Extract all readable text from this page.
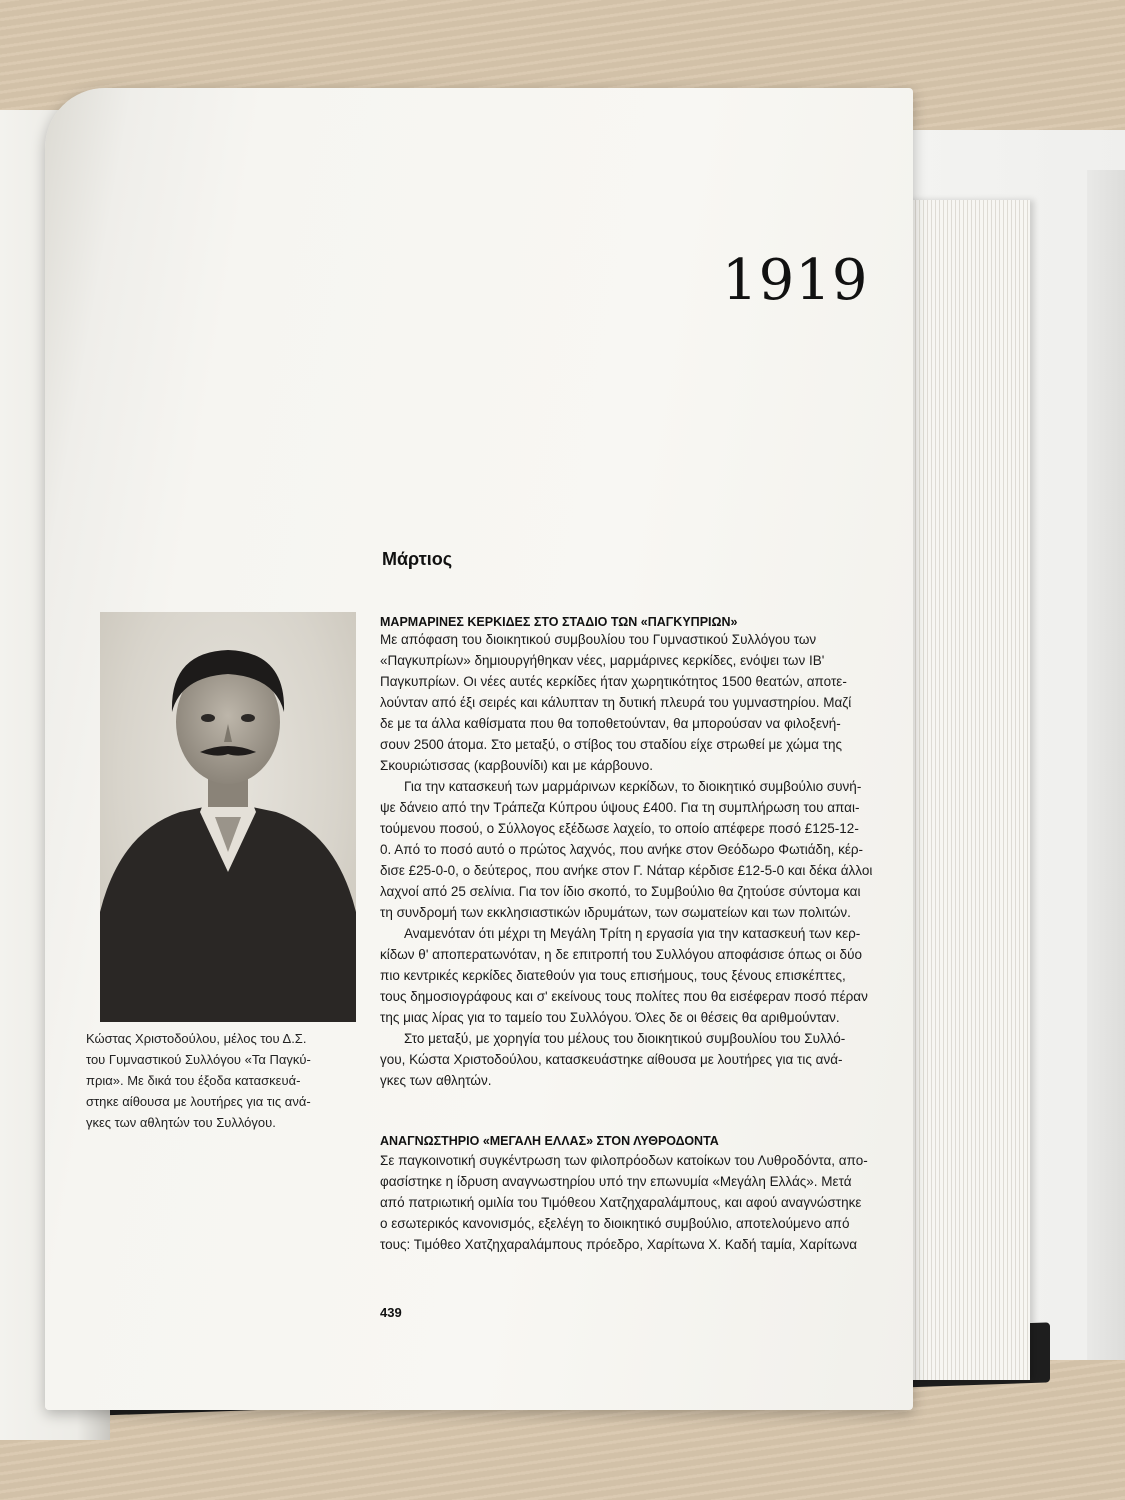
1919
Μάρτιος
Κώστας Χριστοδούλου, μέλος του Δ.Σ.
του Γυμναστικού Συλλόγου «Τα Παγκύ-
πρια». Με δικά του έξοδα κατασκευά-
στηκε αίθουσα με λουτήρες για τις ανά-
γκες των αθλητών του Συλλόγου.
ΜΑΡΜΑΡΙΝΕΣ ΚΕΡΚΙΔΕΣ ΣΤΟ ΣΤΑΔΙΟ ΤΩΝ «ΠΑΓΚΥΠΡΙΩΝ»
Με απόφαση του διοικητικού συμβουλίου του Γυμναστικού Συλλόγου των
«Παγκυπρίων» δημιουργήθηκαν νέες, μαρμάρινες κερκίδες, ενόψει των ΙΒ'
Παγκυπρίων. Οι νέες αυτές κερκίδες ήταν χωρητικότητος 1500 θεατών, αποτε-
λούνταν από έξι σειρές και κάλυπταν τη δυτική πλευρά του γυμναστηρίου. Μαζί
δε με τα άλλα καθίσματα που θα τοποθετούνταν, θα μπορούσαν να φιλοξενή-
σουν 2500 άτομα. Στο μεταξύ, ο στίβος του σταδίου είχε στρωθεί με χώμα της
Σκουριώτισσας (καρβουνίδι) και με κάρβουνο.
Για την κατασκευή των μαρμάρινων κερκίδων, το διοικητικό συμβούλιο συνή-
ψε δάνειο από την Τράπεζα Κύπρου ύψους £400. Για τη συμπλήρωση του απαι-
τούμενου ποσού, ο Σύλλογος εξέδωσε λαχείο, το οποίο απέφερε ποσό £125-12-
0. Από το ποσό αυτό ο πρώτος λαχνός, που ανήκε στον Θεόδωρο Φωτιάδη, κέρ-
δισε £25-0-0, ο δεύτερος, που ανήκε στον Γ. Νάταρ κέρδισε £12-5-0 και δέκα άλλοι
λαχνοί από 25 σελίνια. Για τον ίδιο σκοπό, το Συμβούλιο θα ζητούσε σύντομα και
τη συνδρομή των εκκλησιαστικών ιδρυμάτων, των σωματείων και των πολιτών.
Αναμενόταν ότι μέχρι τη Μεγάλη Τρίτη η εργασία για την κατασκευή των κερ-
κίδων θ' αποπερατωνόταν, η δε επιτροπή του Συλλόγου αποφάσισε όπως οι δύο
πιο κεντρικές κερκίδες διατεθούν για τους επισήμους, τους ξένους επισκέπτες,
τους δημοσιογράφους και σ' εκείνους τους πολίτες που θα εισέφεραν ποσό πέραν
της μιας λίρας για το ταμείο του Συλλόγου. Όλες δε οι θέσεις θα αριθμούνταν.
Στο μεταξύ, με χορηγία του μέλους του διοικητικού συμβουλίου του Συλλό-
γου, Κώστα Χριστοδούλου, κατασκευάστηκε αίθουσα με λουτήρες για τις ανά-
γκες των αθλητών.
ΑΝΑΓΝΩΣΤΗΡΙΟ «ΜΕΓΑΛΗ ΕΛΛΑΣ» ΣΤΟΝ ΛΥΘΡΟΔΟΝΤΑ
Σε παγκοινοτική συγκέντρωση των φιλοπρόοδων κατοίκων του Λυθροδόντα, απο-
φασίστηκε η ίδρυση αναγνωστηρίου υπό την επωνυμία «Μεγάλη Ελλάς». Μετά
από πατριωτική ομιλία του Τιμόθεου Χατζηχαραλάμπους, και αφού αναγνώστηκε
ο εσωτερικός κανονισμός, εξελέγη το διοικητικό συμβούλιο, αποτελούμενο από
τους: Τιμόθεο Χατζηχαραλάμπους πρόεδρο, Χαρίτωνα Χ. Καδή ταμία, Χαρίτωνα
439
